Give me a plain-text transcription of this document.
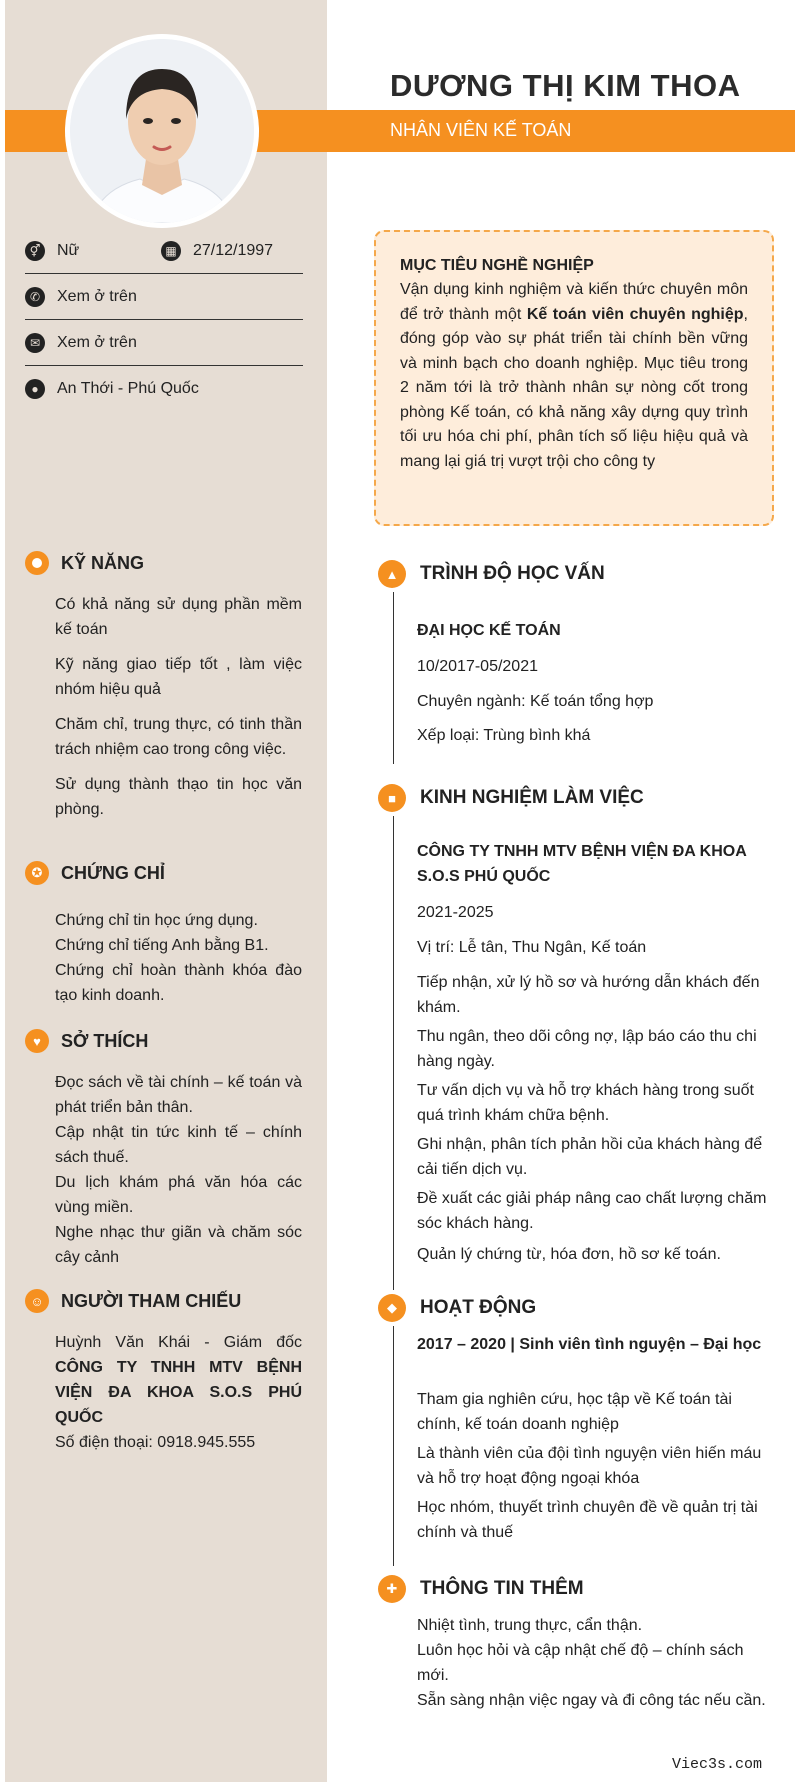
DƯƠNG THỊ KIM THOA
NHÂN VIÊN KẾ TOÁN
⚥ Nữ	▦ 27/12/1997
✆	Xem ở trên
✉	Xem ở trên
●	An Thới - Phú Quốc
KỸ NĂNG

Có khả năng sử dụng phần mềm kế toán

Kỹ năng giao tiếp tốt , làm việc nhóm hiệu quả

Chăm chỉ, trung thực, có tinh thần trách nhiệm cao trong công việc.

Sử dụng thành thạo tin học văn phòng.

✪	CHỨNG CHỈ

Chứng chỉ tin học ứng dụng.

Chứng chỉ tiếng Anh bằng B1.

Chứng chỉ hoàn thành khóa đào tạo kinh doanh.

♥	SỞ THÍCH

Đọc sách về tài chính – kế toán và phát triển bản thân.

Cập nhật tin tức kinh tế – chính sách thuế.

Du lịch khám phá văn hóa các vùng miền.

Nghe nhạc thư giãn và chăm sóc cây cảnh

☺ NGƯỜI THAM CHIẾU
Huỳnh Văn Khái - Giám đốc CÔNG TY TNHH MTV BỆNH VIỆN ĐA KHOA S.O.S PHÚ QUỐC

Số điện thoại: 0918.945.555

MỤC TIÊU NGHỀ NGHIỆP
Vận dụng kinh nghiệm và kiến thức chuyên môn để trở thành một Kế toán viên chuyên nghiệp, đóng góp vào sự phát triển tài chính bền vững và minh bạch cho doanh nghiệp. Mục tiêu trong 2 năm tới là trở thành nhân sự nòng cốt trong phòng Kế toán, có khả năng xây dựng quy trình tối ưu hóa chi phí, phân tích số liệu hiệu quả và mang lại giá trị vượt trội cho công ty
▲	TRÌNH ĐỘ HỌC VẤN
ĐẠI HỌC KẾ TOÁN
10/2017-05/2021
Chuyên ngành: Kế toán tổng hợp
Xếp loại: Trùng bình khá
■	KINH NGHIỆM LÀM VIỆC
CÔNG TY TNHH MTV BỆNH VIỆN ĐA KHOA S.O.S PHÚ QUỐC
2021-2025
Vị trí: Lễ tân, Thu Ngân, Kế toán
Tiếp nhận, xử lý hồ sơ và hướng dẫn khách đến khám.
Thu ngân, theo dõi công nợ, lập báo cáo thu chi hàng ngày.
Tư vấn dịch vụ và hỗ trợ khách hàng trong suốt quá trình khám chữa bệnh.
Ghi nhận, phân tích phản hồi của khách hàng để cải tiến dịch vụ.
Đề xuất các giải pháp nâng cao chất lượng chăm sóc khách hàng.
Quản lý chứng từ, hóa đơn, hồ sơ kế toán.
◆	HOẠT ĐỘNG
2017 – 2020 | Sinh viên tình nguyện – Đại học
Tham gia nghiên cứu, học tập về Kế toán tài chính, kế toán doanh nghiệp
Là thành viên của đội tình nguyện viên hiến máu và hỗ trợ hoạt động ngoại khóa
Học nhóm, thuyết trình chuyên đề về quản trị tài chính và thuế
✚	THÔNG TIN THÊM

Nhiệt tình, trung thực, cẩn thận.

Luôn học hỏi và cập nhật chế độ – chính sách mới.

Sẵn sàng nhận việc ngay và đi công tác nếu cần.

Viec3s.com
